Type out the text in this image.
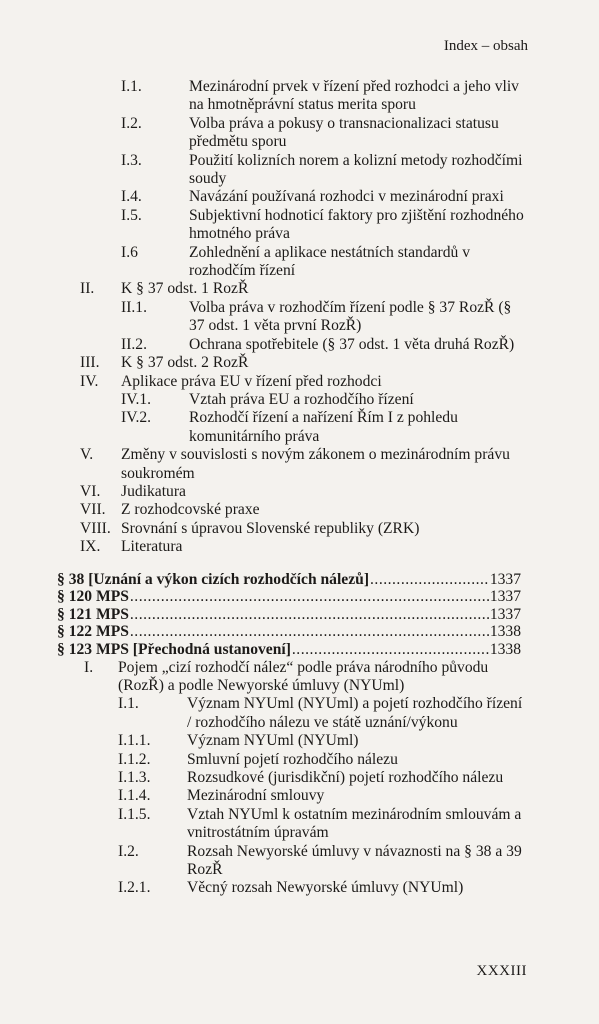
Index – obsah
I.1.	Mezinárodní prvek v řízení před rozhodci a jeho vliv na hmotněprávní status merita sporu
I.2.	Volba práva a pokusy o transnacionalizaci statusu předmětu sporu
I.3.	Použití kolizních norem a kolizní metody rozhodčími soudy
I.4.	Navázání používaná rozhodci v mezinárodní praxi
I.5.	Subjektivní hodnoticí faktory pro zjištění rozhodného hmotného práva
I.6	Zohlednění a aplikace nestátních standardů v rozhodčím řízení
II. K § 37 odst. 1 RozŘ
II.1.	Volba práva v rozhodčím řízení podle § 37 RozŘ (§ 37 odst. 1 věta první RozŘ)
II.2.	Ochrana spotřebitele (§ 37 odst. 1 věta druhá RozŘ)
III. K § 37 odst. 2 RozŘ
IV. Aplikace práva EU v řízení před rozhodci
IV.1. Vztah práva EU a rozhodčího řízení
IV.2. Rozhodčí řízení a nařízení Řím I z pohledu komunitárního práva
V. Změny v souvislosti s novým zákonem o mezinárodním právu soukromém
VI. Judikatura
VII. Z rozhodcovské praxe
VIII. Srovnání s úpravou Slovenské republiky (ZRK)
IX. Literatura
§ 38 [Uznání a výkon cizích rozhodčích nálezů] .....	1337
§ 120 MPS .....	1337
§ 121 MPS .....	1337
§ 122 MPS .....	1338
§ 123 MPS [Přechodná ustanovení] .....	1338
I. Pojem „cizí rozhodčí nález“ podle práva národního původu (RozŘ) a podle Newyorské úmluvy (NYUml)
I.1.	Význam NYUml (NYUml) a pojetí rozhodčího řízení / rozhodčího nálezu ve státě uznání/výkonu
I.1.1. Význam NYUml (NYUml)
I.1.2. Smluvní pojetí rozhodčího nálezu
I.1.3. Rozsudkové (jurisdikční) pojetí rozhodčího nálezu
I.1.4. Mezinárodní smlouvy
I.1.5. Vztah NYUml k ostatním mezinárodním smlouvám a vnitrostátním úpravám
I.2.	Rozsah Newyorské úmluvy v návaznosti na § 38 a 39 RozŘ
I.2.1. Věcný rozsah Newyorské úmluvy (NYUml)
XXXIII
